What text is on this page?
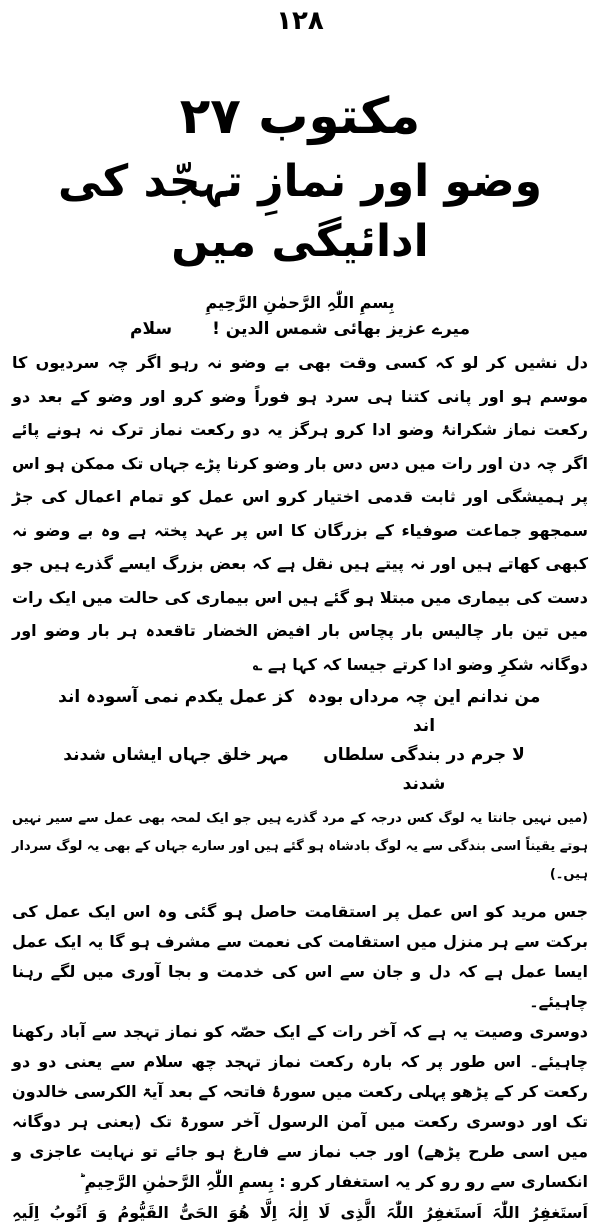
۱۲۸
مکتوب ۲۷
وضو اور نمازِ تہجّد کی ادائیگی میں

بِسمِ اللّٰہِ الرَّحمٰنِ الرَّحِیمِ

میرے عزیز بھائی شمس الدین !
سلام

دل نشیں کر لو کہ کسی وقت بھی بے وضو نہ رہو اگر چہ سردیوں کا موسم ہو اور پانی کتنا ہی سرد ہو فوراً وضو کرو اور وضو کے بعد دو رکعت نماز شکرانۂ وضو ادا کرو ہرگز یہ دو رکعت نماز ترک نہ ہونے پائے اگر چہ دن اور رات میں دس دس بار وضو کرنا پڑے جہاں تک ممکن ہو اس پر ہمیشگی اور ثابت قدمی اختیار کرو اس عمل کو تمام اعمال کی جڑ سمجھو جماعت صوفیاء کے بزرگان کا اس پر عہد پختہ ہے وہ بے وضو نہ کبھی کھاتے ہیں اور نہ پیتے ہیں نقل ہے کہ بعض بزرگ ایسے گذرے ہیں جو دست کی بیماری میں مبتلا ہو گئے ہیں اس بیماری کی حالت میں ایک رات میں تین بار چالیس بار پچاس بار افیض الخضار تاقعدہ ہر بار وضو اور دوگانہ شکرِ وضو ادا کرتے جیسا کہ کہا ہے ؎

من ندانم این چہ مرداں بودہ اند
کز عمل یکدم نمی آسودہ اند
لا جرم در بندگی سلطاں شدند
مہر خلق جہاں ایشاں شدند

(میں نہیں جانتا یہ لوگ کس درجہ کے مرد گذرے ہیں جو ایک لمحہ بھی عمل سے سیر نہیں ہوتے یقیناً اسی بندگی سے یہ لوگ بادشاہ ہو گئے ہیں اور سارے جہاں کے بھی یہ لوگ سردار ہیں۔)

جس مرید کو اس عمل پر استقامت حاصل ہو گئی وہ اس ایک عمل کی برکت سے ہر منزل میں استقامت کی نعمت سے مشرف ہو گا یہ ایک عمل ایسا عمل ہے کہ دل و جان سے اس کی خدمت و بجا آوری میں لگے رہنا چاہیئے۔

دوسری وصیت یہ ہے کہ آخر رات کے ایک حصّہ کو نماز تہجد سے آباد رکھنا چاہیئے۔ اس طور پر کہ بارہ رکعت نماز تہجد چھ سلام سے یعنی دو دو رکعت کر کے پڑھو پہلی رکعت میں سورۂ فاتحہ کے بعد آیۃ الکرسی خالدون تک اور دوسری رکعت میں آمن الرسول آخر سورۃ تک (یعنی ہر دوگانہ میں اسی طرح پڑھے) اور جب نماز سے فارغ ہو جائے تو نہایت عاجزی و انکساری سے رو رو کر یہ استغفار کرو : بِسمِ اللّٰہِ الرَّحمٰنِ الرَّحِیمِ ؕ

اَستَغفِرُ اللّٰہَ اَستَغفِرُ اللّٰہَ الَّذِی لَا اِلٰہَ اِلَّا ھُوَ الحَیُّ القَیُّومُ وَ اَتُوبُ اِلَیہِ
